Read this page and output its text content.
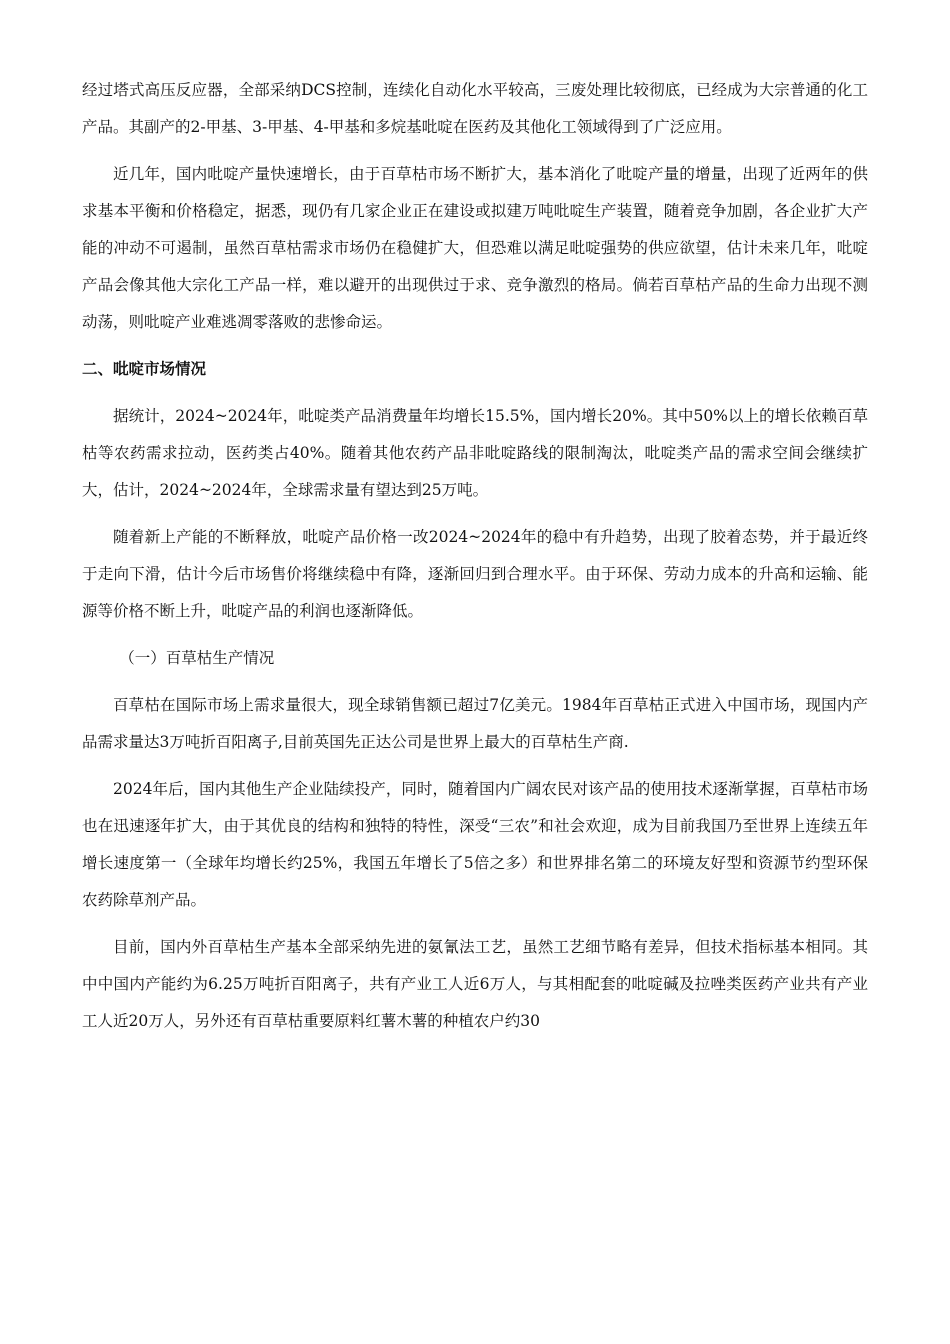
经过塔式高压反应器，全部采纳DCS控制，连续化自动化水平较高，三废处理比较彻底，已经成为大宗普通的化工产品。其副产的2-甲基、3-甲基、4-甲基和多烷基吡啶在医药及其他化工领域得到了广泛应用。

近几年，国内吡啶产量快速增长，由于百草枯市场不断扩大，基本消化了吡啶产量的增量，出现了近两年的供求基本平衡和价格稳定，据悉，现仍有几家企业正在建设或拟建万吨吡啶生产装置，随着竞争加剧，各企业扩大产能的冲动不可遏制，虽然百草枯需求市场仍在稳健扩大，但恐难以满足吡啶强势的供应欲望，估计未来几年，吡啶产品会像其他大宗化工产品一样，难以避开的出现供过于求、竞争激烈的格局。倘若百草枯产品的生命力出现不测动荡，则吡啶产业难逃凋零落败的悲惨命运。

二、吡啶市场情况

据统计，2024~2024年，吡啶类产品消费量年均增长15.5%，国内增长20%。其中50%以上的增长依赖百草枯等农药需求拉动，医药类占40%。随着其他农药产品非吡啶路线的限制淘汰，吡啶类产品的需求空间会继续扩大，估计，2024~2024年，全球需求量有望达到25万吨。

随着新上产能的不断释放，吡啶产品价格一改2024~2024年的稳中有升趋势，出现了胶着态势，并于最近终于走向下滑，估计今后市场售价将继续稳中有降，逐渐回归到合理水平。由于环保、劳动力成本的升高和运输、能源等价格不断上升，吡啶产品的利润也逐渐降低。

（一）百草枯生产情况

百草枯在国际市场上需求量很大，现全球销售额已超过7亿美元。1984年百草枯正式进入中国市场，现国内产品需求量达3万吨折百阳离子,目前英国先正达公司是世界上最大的百草枯生产商.

2024年后，国内其他生产企业陆续投产，同时，随着国内广阔农民对该产品的使用技术逐渐掌握，百草枯市场也在迅速逐年扩大，由于其优良的结构和独特的特性，深受“三农”和社会欢迎，成为目前我国乃至世界上连续五年增长速度第一（全球年均增长约25%，我国五年增长了5倍之多）和世界排名第二的环境友好型和资源节约型环保农药除草剂产品。

目前，国内外百草枯生产基本全部采纳先进的氨氰法工艺，虽然工艺细节略有差异，但技术指标基本相同。其中中国内产能约为6.25万吨折百阳离子，共有产业工人近6万人，与其相配套的吡啶碱及拉唑类医药产业共有产业工人近20万人，另外还有百草枯重要原料红薯木薯的种植农户约30
